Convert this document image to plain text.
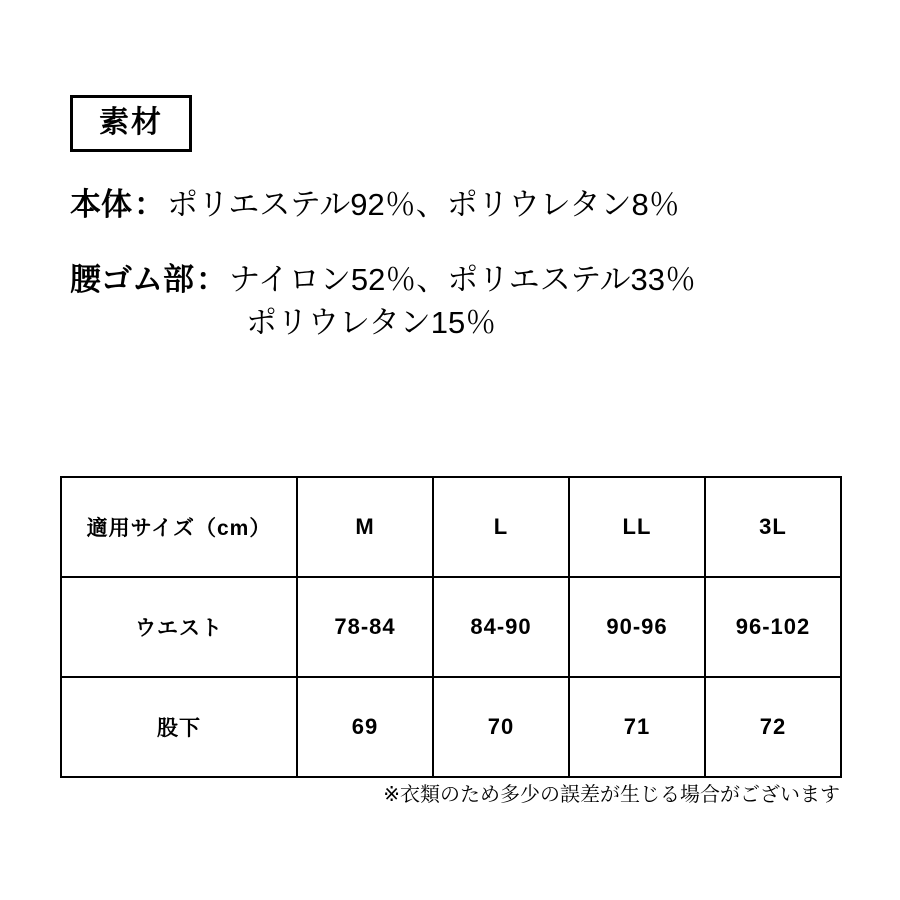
素材
本体：ポリエステル92％、ポリウレタン8％
腰ゴム部：ナイロン52％、ポリエステル33％
ポリウレタン15％
適用サイズ（cm）	M	L	LL	3L
ウエスト	78-84	84-90	90-96	96-102
股下	69	70	71	72
※衣類のため多少の誤差が生じる場合がございます
